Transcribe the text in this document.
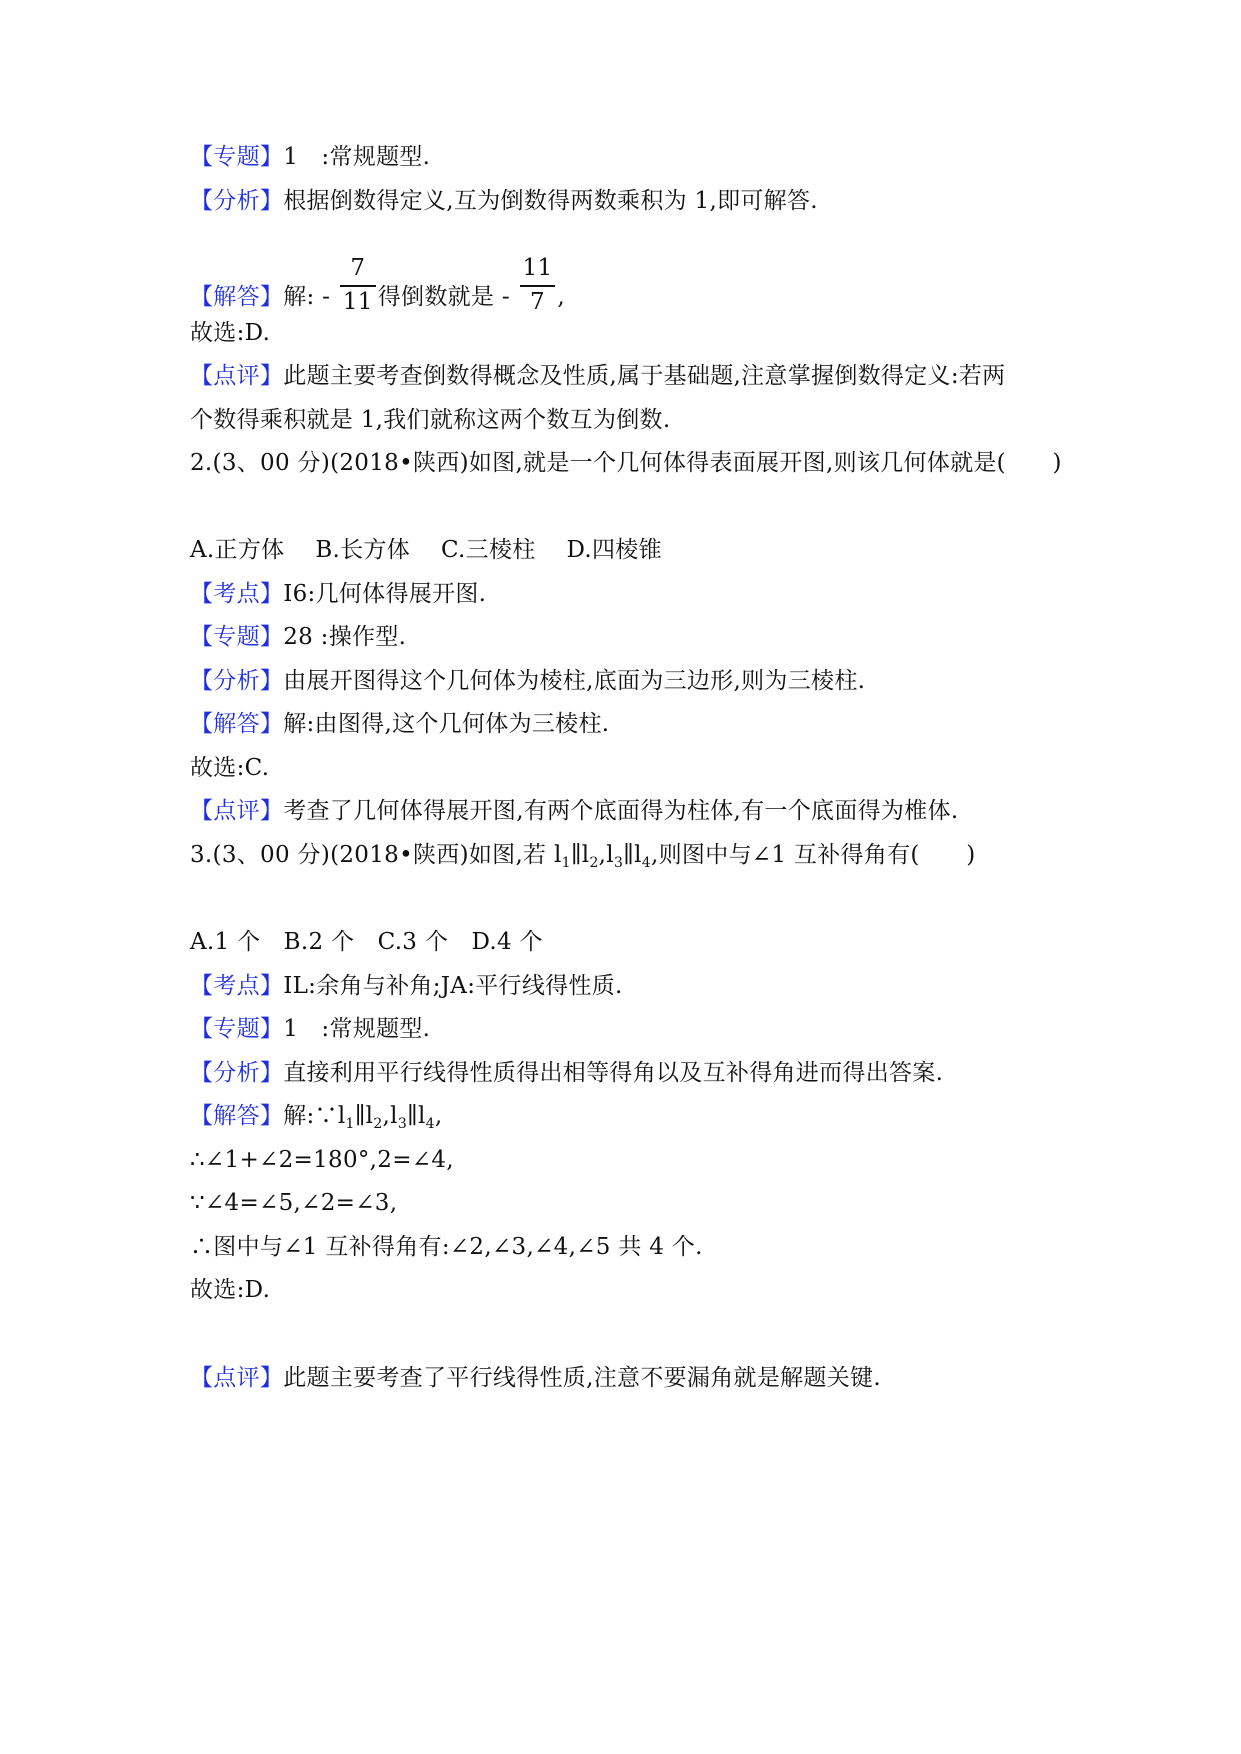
【专题】1　:常规题型.
【分析】根据倒数得定义,互为倒数得两数乘积为 1,即可解答.
【解答】解: - $\frac{7}{11}$ 得倒数就是 - $\frac{11}{7}$ ,
故选:D.
【点评】此题主要考查倒数得概念及性质,属于基础题,注意掌握倒数得定义:若两
个数得乘积就是 1,我们就称这两个数互为倒数.
2.(3、00 分)(2018•陕西)如图,就是一个几何体得表面展开图,则该几何体就是(　　)
A.正方体　 B.长方体　 C.三棱柱　 D.四棱锥
【考点】I6:几何体得展开图.
【专题】28 :操作型.
【分析】由展开图得这个几何体为棱柱,底面为三边形,则为三棱柱.
【解答】解:由图得,这个几何体为三棱柱.
故选:C.
【点评】考查了几何体得展开图,有两个底面得为柱体,有一个底面得为椎体.
3.(3、00 分)(2018•陕西)如图,若 $l_1\parallel l_2,l_3\parallel l_4$,则图中与∠1 互补得角有(　　)
A.1 个　B.2 个　C.3 个　D.4 个
【考点】IL:余角与补角;JA:平行线得性质.
【专题】1　:常规题型.
【分析】直接利用平行线得性质得出相等得角以及互补得角进而得出答案.
【解答】解$:\because l_1\parallel l_2,l_3\parallel l_4$,
∴∠1+∠2=180°,2=∠4,
∵∠4=∠5,∠2=∠3,
∴图中与∠1 互补得角有:∠2,∠3,∠4,∠5 共 4 个.
故选:D.
【点评】此题主要考查了平行线得性质,注意不要漏角就是解题关键.
